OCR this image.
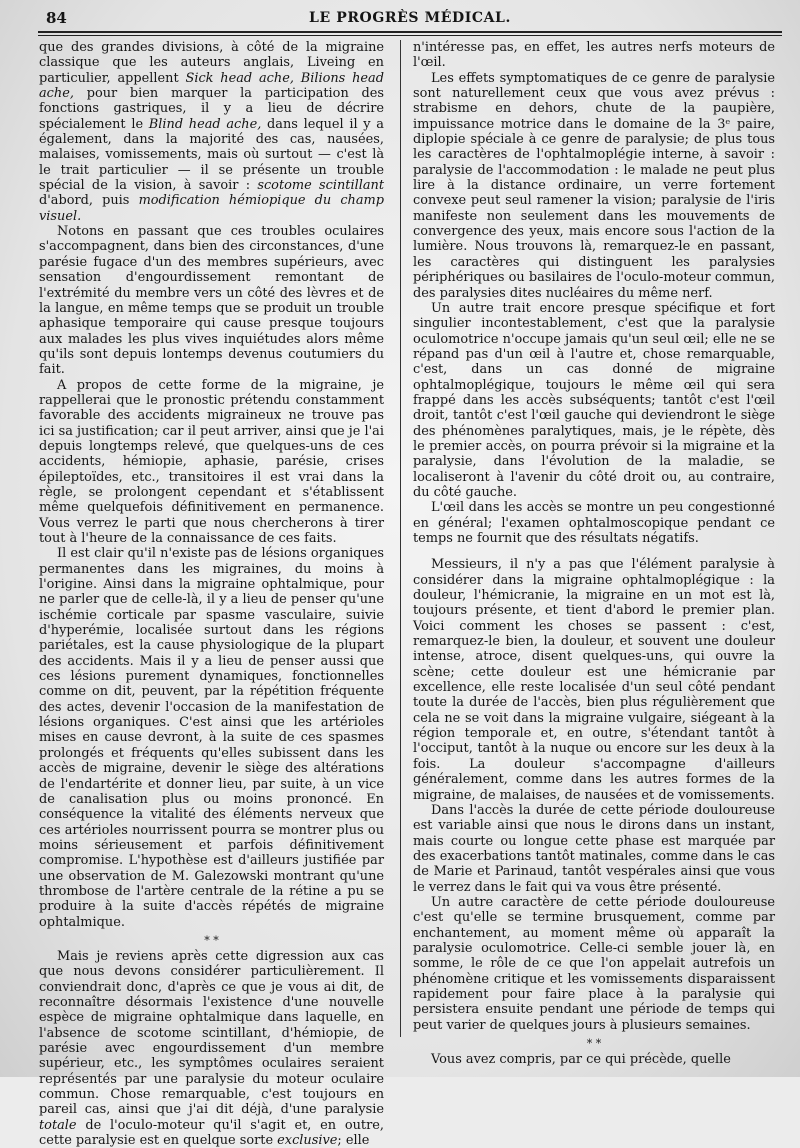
84	LE PROGRÈS MÉDICAL.

que des grandes divisions, à côté de la migraine classique que les auteurs anglais, Liveing en particulier, appellent Sick head ache, Bilions head ache, pour bien marquer la participation des fonctions gastriques, il y a lieu de décrire spécialement le Blind head ache, dans lequel il y a également, dans la majorité des cas, nausées, malaises, vomissements, mais où surtout — c'est là le trait particulier — il se présente un trouble spécial de la vision, à savoir : scotome scintillant d'abord, puis modification hémiopique du champ visuel.

Notons en passant que ces troubles oculaires s'accompagnent, dans bien des circonstances, d'une parésie fugace d'un des membres supérieurs, avec sensation d'engourdissement remontant de l'extrémité du membre vers un côté des lèvres et de la langue, en même temps que se produit un trouble aphasique temporaire qui cause presque toujours aux malades les plus vives inquiétudes alors même qu'ils sont depuis lontemps devenus coutumiers du fait.

A propos de cette forme de la migraine, je rappellerai que le pronostic prétendu constamment favorable des accidents migraineux ne trouve pas ici sa justification; car il peut arriver, ainsi que je l'ai depuis longtemps relevé, que quelques-uns de ces accidents, hémiopie, aphasie, parésie, crises épileptoïdes, etc., transitoires il est vrai dans la règle, se prolongent cependant et s'établissent même quelquefois définitivement en permanence. Vous verrez le parti que nous chercherons à tirer tout à l'heure de la connaissance de ces faits.

Il est clair qu'il n'existe pas de lésions organiques permanentes dans les migraines, du moins à l'origine. Ainsi dans la migraine ophtalmique, pour ne parler que de celle-là, il y a lieu de penser qu'une ischémie corticale par spasme vasculaire, suivie d'hyperémie, localisée surtout dans les régions pariétales, est la cause physiologique de la plupart des accidents. Mais il y a lieu de penser aussi que ces lésions purement dynamiques, fonctionnelles comme on dit, peuvent, par la répétition fréquente des actes, devenir l'occasion de la manifestation de lésions organiques. C'est ainsi que les artérioles mises en cause devront, à la suite de ces spasmes prolongés et fréquents qu'elles subissent dans les accès de migraine, devenir le siège des altérations de l'endartérite et donner lieu, par suite, à un vice de canalisation plus ou moins prononcé. En conséquence la vitalité des éléments nerveux que ces artérioles nourrissent pourra se montrer plus ou moins sérieusement et parfois définitivement compromise. L'hypothèse est d'ailleurs justifiée par une observation de M. Galezowski montrant qu'une thrombose de l'artère centrale de la rétine a pu se produire à la suite d'accès répétés de migraine ophtalmique.

* *

Mais je reviens après cette digression aux cas que nous devons considérer particulièrement. Il conviendrait donc, d'après ce que je vous ai dit, de reconnaître désormais l'existence d'une nouvelle espèce de migraine ophtalmique dans laquelle, en l'absence de scotome scintillant, d'hémiopie, de parésie avec engourdissement d'un membre supérieur, etc., les symptômes oculaires seraient représentés par une paralysie du moteur oculaire commun. Chose remarquable, c'est toujours en pareil cas, ainsi que j'ai dit déjà, d'une paralysie totale de l'oculo-moteur qu'il s'agit et, en outre, cette paralysie est en quelque sorte exclusive; elle

n'intéresse pas, en effet, les autres nerfs moteurs de l'œil.

Les effets symptomatiques de ce genre de paralysie sont naturellement ceux que vous avez prévus : strabisme en dehors, chute de la paupière, impuissance motrice dans le domaine de la 3ᵉ paire, diplopie spéciale à ce genre de paralysie; de plus tous les caractères de l'ophtalmoplégie interne, à savoir : paralysie de l'accommodation : le malade ne peut plus lire à la distance ordinaire, un verre fortement convexe peut seul ramener la vision; paralysie de l'iris manifeste non seulement dans les mouvements de convergence des yeux, mais encore sous l'action de la lumière. Nous trouvons là, remarquez-le en passant, les caractères qui distinguent les paralysies périphériques ou basilaires de l'oculo-moteur commun, des paralysies dites nucléaires du même nerf.

Un autre trait encore presque spécifique et fort singulier incontestablement, c'est que la paralysie oculomotrice n'occupe jamais qu'un seul œil; elle ne se répand pas d'un œil à l'autre et, chose remarquable, c'est, dans un cas donné de migraine ophtalmoplégique, toujours le même œil qui sera frappé dans les accès subséquents; tantôt c'est l'œil droit, tantôt c'est l'œil gauche qui deviendront le siège des phénomènes paralytiques, mais, je le répète, dès le premier accès, on pourra prévoir si la migraine et la paralysie, dans l'évolution de la maladie, se localiseront à l'avenir du côté droit ou, au contraire, du côté gauche.

L'œil dans les accès se montre un peu congestionné en général; l'examen ophtalmoscopique pendant ce temps ne fournit que des résultats négatifs.

Messieurs, il n'y a pas que l'élément paralysie à considérer dans la migraine ophtalmoplégique : la douleur, l'hémicranie, la migraine en un mot est là, toujours présente, et tient d'abord le premier plan. Voici comment les choses se passent : c'est, remarquez-le bien, la douleur, et souvent une douleur intense, atroce, disent quelques-uns, qui ouvre la scène; cette douleur est une hémicranie par excellence, elle reste localisée d'un seul côté pendant toute la durée de l'accès, bien plus régulièrement que cela ne se voit dans la migraine vulgaire, siégeant à la région temporale et, en outre, s'étendant tantôt à l'occiput, tantôt à la nuque ou encore sur les deux à la fois. La douleur s'accompagne d'ailleurs généralement, comme dans les autres formes de la migraine, de malaises, de nausées et de vomissements.

Dans l'accès la durée de cette période douloureuse est variable ainsi que nous le dirons dans un instant, mais courte ou longue cette phase est marquée par des exacerbations tantôt matinales, comme dans le cas de Marie et Parinaud, tantôt vespérales ainsi que vous le verrez dans le fait qui va vous être présenté.

Un autre caractère de cette période douloureuse c'est qu'elle se termine brusquement, comme par enchantement, au moment même où apparaît la paralysie oculomotrice. Celle-ci semble jouer là, en somme, le rôle de ce que l'on appelait autrefois un phénomène critique et les vomissements disparaissent rapidement pour faire place à la paralysie qui persistera ensuite pendant une période de temps qui peut varier de quelques jours à plusieurs semaines.

* *

Vous avez compris, par ce qui précède, quelle
